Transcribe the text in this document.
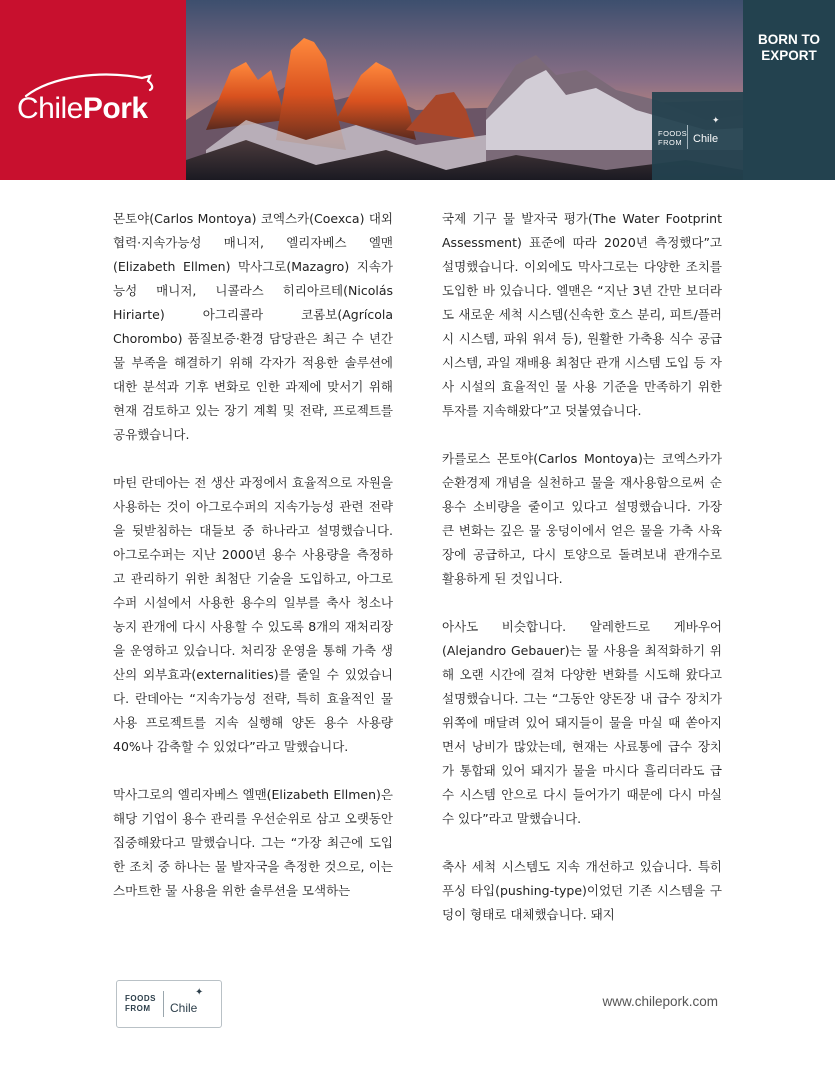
ChilePork
FOODS
FROM Chile
✦
BORN TO
EXPORT

몬토야(Carlos Montoya) 코엑스카(Coexca) 대외협력·지속가능성 매니저, 엘리자베스 엘맨(Elizabeth Ellmen) 막사그로(Mazagro) 지속가능성 매니저, 니콜라스 히리아르테(Nicolás Hiriarte) 아그리콜라 코롬보(Agrícola Chorombo) 품질보증·환경 담당관은 최근 수 년간 물 부족을 해결하기 위해 각자가 적용한 솔루션에 대한 분석과 기후 변화로 인한 과제에 맞서기 위해 현재 검토하고 있는 장기 계획 및 전략, 프로젝트를 공유했습니다.

마틴 란데아는 전 생산 과정에서 효율적으로 자원을 사용하는 것이 아그로수퍼의 지속가능성 관련 전략을 뒷받침하는 대들보 중 하나라고 설명했습니다. 아그로수퍼는 지난 2000년 용수 사용량을 측정하고 관리하기 위한 최첨단 기술을 도입하고, 아그로수퍼 시설에서 사용한 용수의 일부를 축사 청소나 농지 관개에 다시 사용할 수 있도록 8개의 재처리장을 운영하고 있습니다. 처리장 운영을 통해 가축 생산의 외부효과(externalities)를 줄일 수 있었습니다. 란데아는 “지속가능성 전략, 특히 효율적인 물 사용 프로젝트를 지속 실행해 양돈 용수 사용량 40%나 감축할 수 있었다”라고 말했습니다.

막사그로의 엘리자베스 엘맨(Elizabeth Ellmen)은 해당 기업이 용수 관리를 우선순위로 삼고 오랫동안 집중해왔다고 말했습니다. 그는 “가장 최근에 도입한 조치 중 하나는 물 발자국을 측정한 것으로, 이는 스마트한 물 사용을 위한 솔루션을 모색하는

국제 기구 물 발자국 평가(The Water Footprint Assessment) 표준에 따라 2020년 측정했다”고 설명했습니다. 이외에도 막사그로는 다양한 조치를 도입한 바 있습니다. 엘맨은 “지난 3년 간만 보더라도 새로운 세척 시스템(신속한 호스 분리, 피트/플러시 시스템, 파워 워셔 등), 원활한 가축용 식수 공급 시스템, 과일 재배용 최첨단 관개 시스템 도입 등 자사 시설의 효율적인 물 사용 기준을 만족하기 위한 투자를 지속해왔다”고 덧붙였습니다.

카를로스 몬토야(Carlos Montoya)는 코엑스카가 순환경제 개념을 실천하고 물을 재사용함으로써 순 용수 소비량을 줄이고 있다고 설명했습니다. 가장 큰 변화는 깊은 물 웅덩이에서 얻은 물을 가축 사육장에 공급하고, 다시 토양으로 돌려보내 관개수로 활용하게 된 것입니다.

아사도 비슷합니다. 알레한드로 게바우어(Alejandro Gebauer)는 물 사용을 최적화하기 위해 오랜 시간에 걸쳐 다양한 변화를 시도해 왔다고 설명했습니다. 그는 “그동안 양돈장 내 급수 장치가 위쪽에 매달려 있어 돼지들이 물을 마실 때 쏟아지면서 낭비가 많았는데, 현재는 사료통에 급수 장치가 통합돼 있어 돼지가 물을 마시다 흘리더라도 급수 시스템 안으로 다시 들어가기 때문에 다시 마실 수 있다”라고 말했습니다.

축사 세척 시스템도 지속 개선하고 있습니다. 특히 푸싱 타입(pushing-type)이었던 기존 시스템을 구덩이 형태로 대체했습니다. 돼지

FOODS
FROM	Chile
✦
www.chilepork.com
